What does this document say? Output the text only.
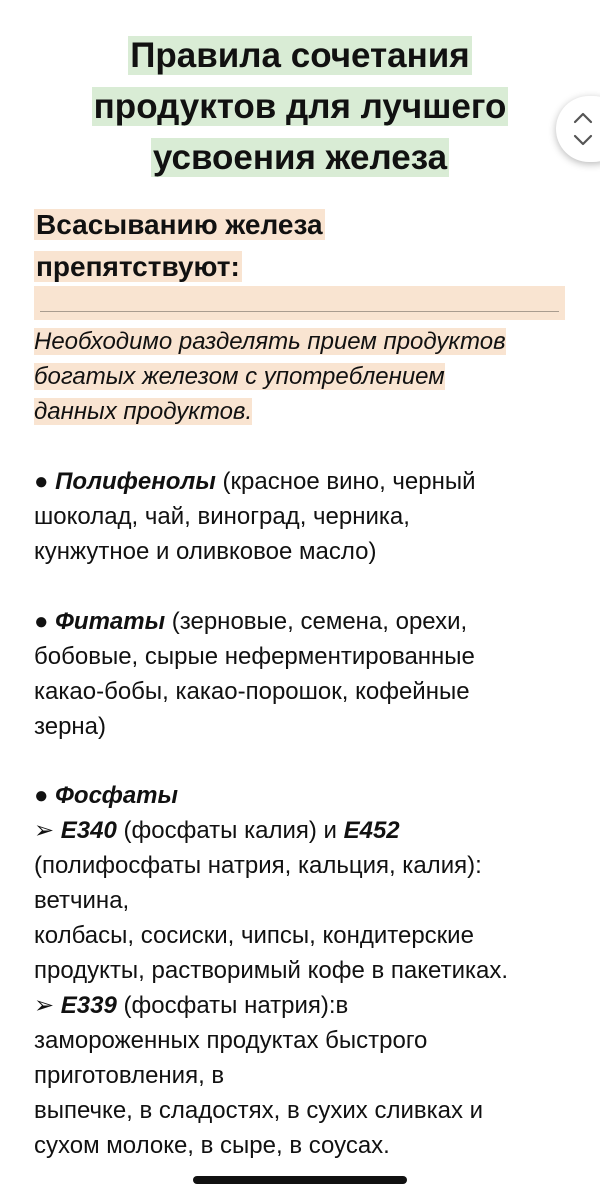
Правила сочетания
продуктов для лучшего
усвоения железа
Всасыванию железа
препятствуют:
Необходимо разделять прием продуктов
богатых железом с употреблением
данных продуктов.
● Полифенолы (красное вино, черный
шоколад, чай, виноград, черника,
кунжутное и оливковое масло)
● Фитаты (зерновые, семена, орехи,
бобовые, сырые неферментированные
какао-бобы, какао-порошок, кофейные
зерна)
● Фосфаты
➢ E340 (фосфаты калия) и E452
(полифосфаты натрия, кальция, калия):
ветчина,
колбасы, сосиски, чипсы, кондитерские
продукты, растворимый кофе в пакетиках.
➢ E339 (фосфаты натрия):в
замороженных продуктах быстрого
приготовления, в
выпечке, в сладостях, в сухих сливках и
сухом молоке, в сыре, в соусах.
